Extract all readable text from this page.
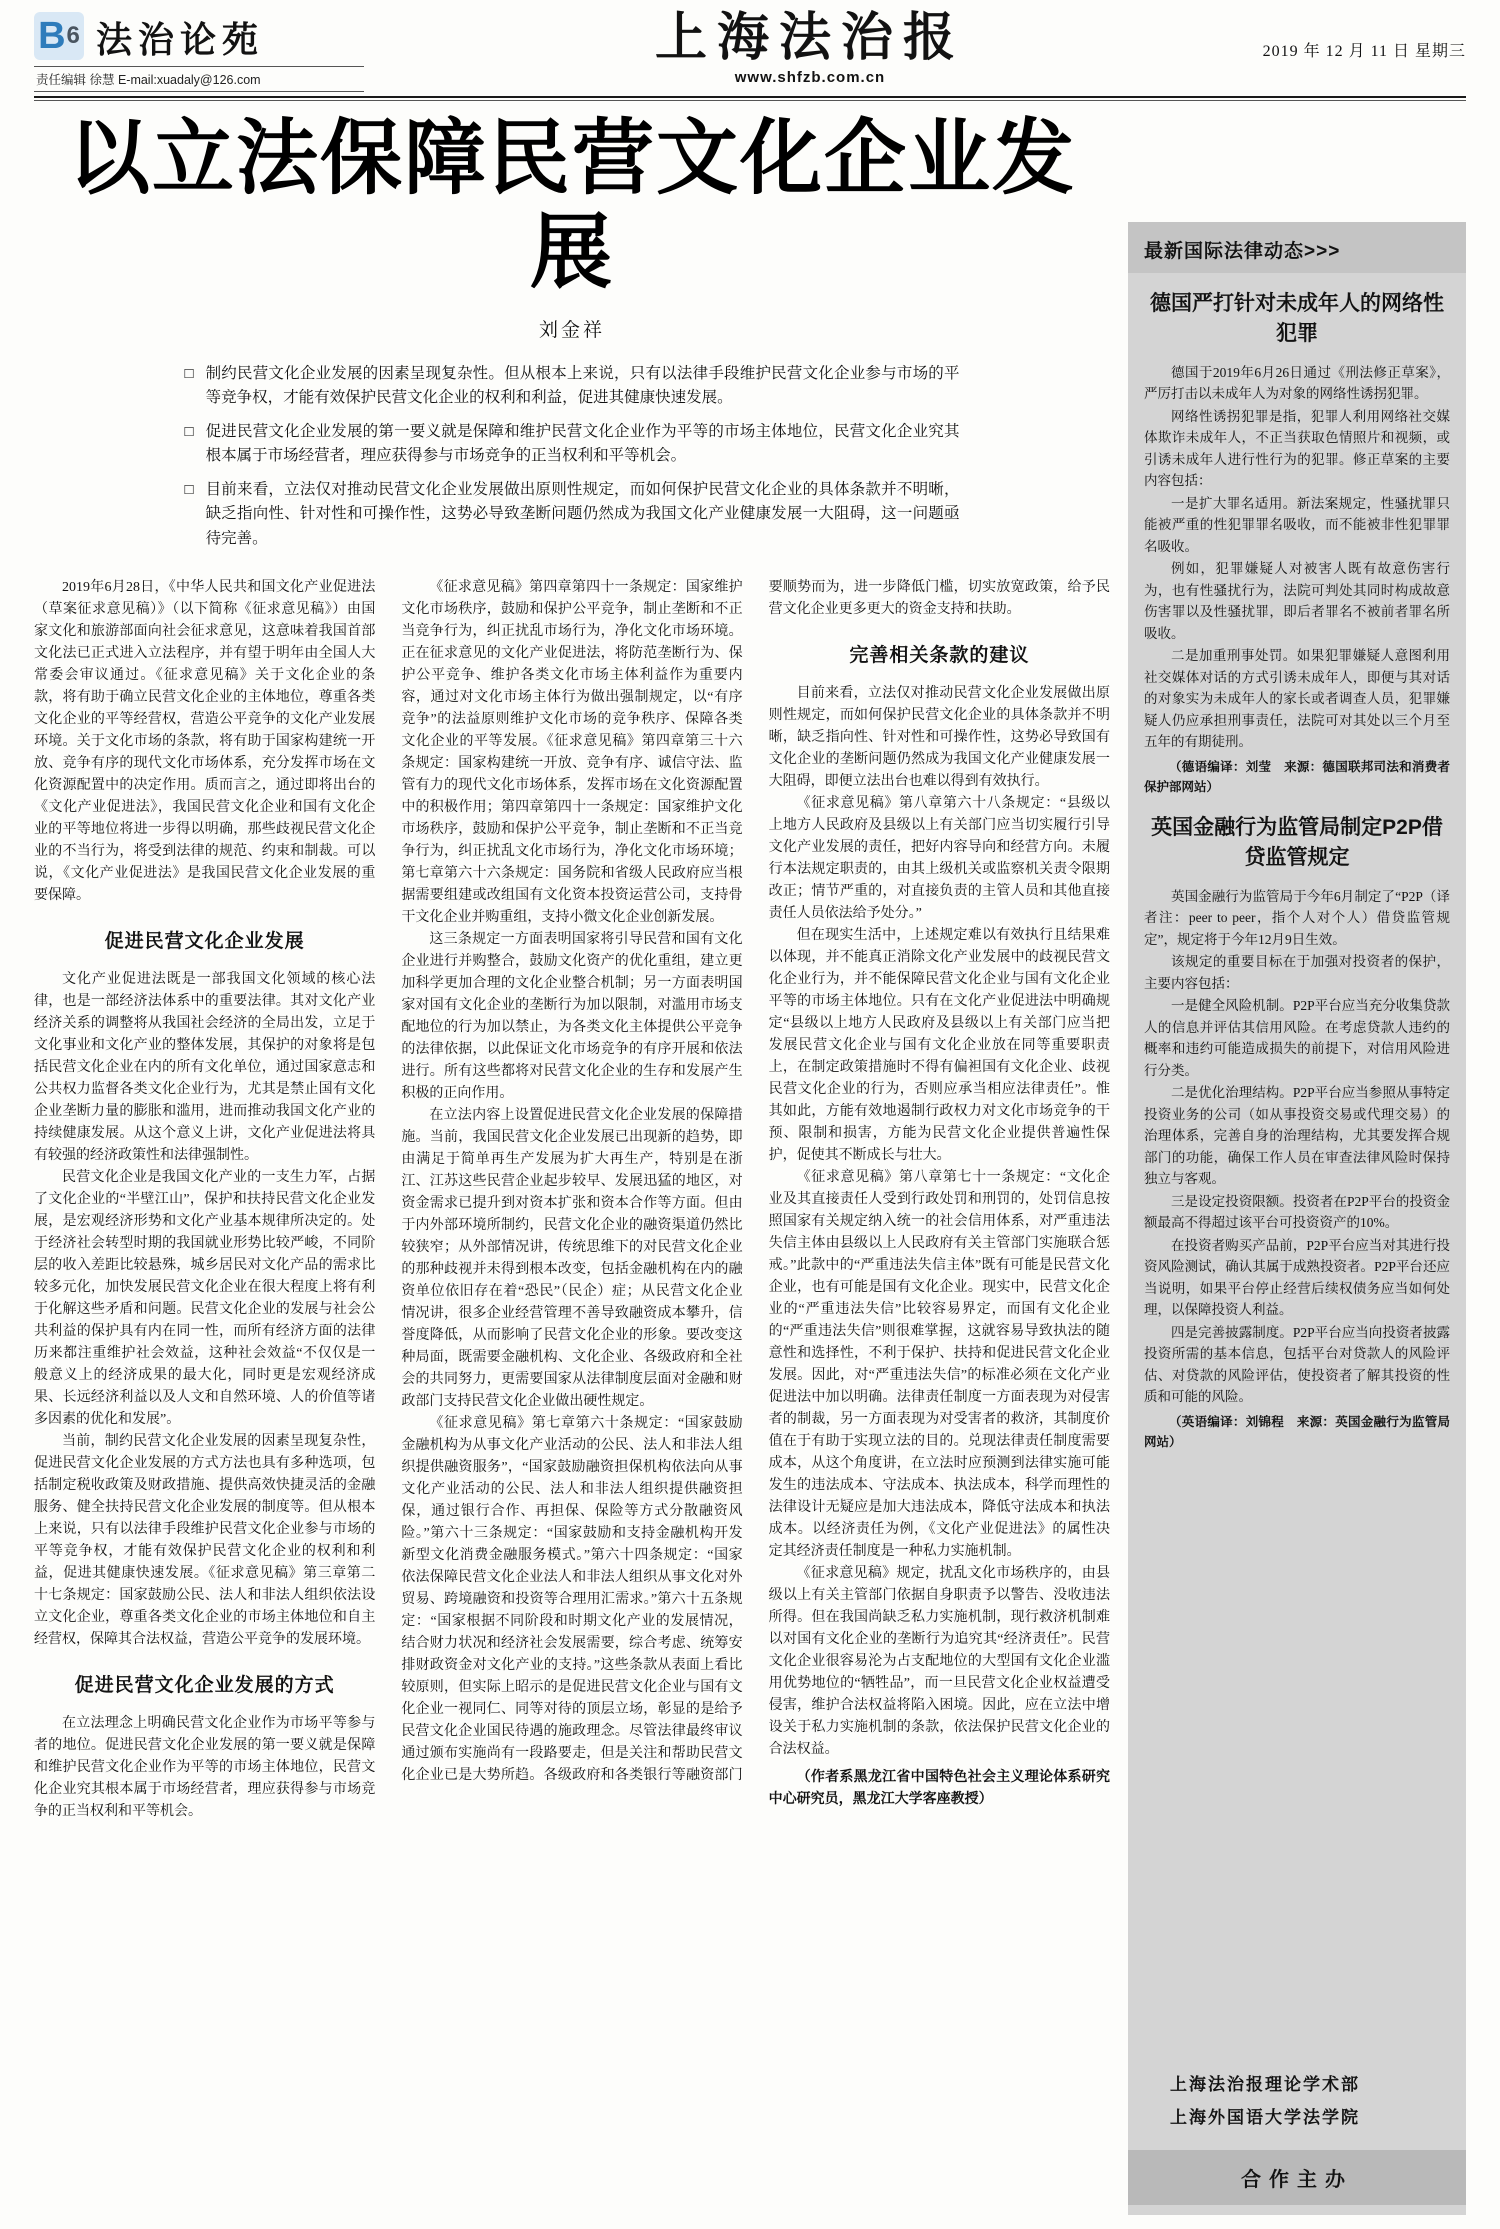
B 6 法治论苑
责任编辑 徐慧 E-mail:xuadaly@126.com
上海法治报
www.shfzb.com.cn
2019 年 12 月 11 日 星期三
以立法保障民营文化企业发展
刘金祥
□ 制约民营文化企业发展的因素呈现复杂性。但从根本上来说，只有以法律手段维护民营文化企业参与市场的平等竞争权，才能有效保护民营文化企业的权利和利益，促进其健康快速发展。
□ 促进民营文化企业发展的第一要义就是保障和维护民营文化企业作为平等的市场主体地位，民营文化企业究其根本属于市场经营者，理应获得参与市场竞争的正当权利和平等机会。
□ 目前来看，立法仅对推动民营文化企业发展做出原则性规定，而如何保护民营文化企业的具体条款并不明晰，缺乏指向性、针对性和可操作性，这势必导致垄断问题仍然成为我国文化产业健康发展一大阻碍，这一问题亟待完善。

2019年6月28日，《中华人民共和国文化产业促进法（草案征求意见稿）》（以下简称《征求意见稿》）由国家文化和旅游部面向社会征求意见，这意味着我国首部文化法已正式进入立法程序，并有望于明年由全国人大常委会审议通过。《征求意见稿》关于文化企业的条款，将有助于确立民营文化企业的主体地位，尊重各类文化企业的平等经营权，营造公平竞争的文化产业发展环境。关于文化市场的条款，将有助于国家构建统一开放、竞争有序的现代文化市场体系，充分发挥市场在文化资源配置中的决定作用。质而言之，通过即将出台的《文化产业促进法》，我国民营文化企业和国有文化企业的平等地位将进一步得以明确，那些歧视民营文化企业的不当行为，将受到法律的规范、约束和制裁。可以说，《文化产业促进法》是我国民营文化企业发展的重要保障。

促进民营文化企业发展

文化产业促进法既是一部我国文化领域的核心法律，也是一部经济法体系中的重要法律。其对文化产业经济关系的调整将从我国社会经济的全局出发，立足于文化事业和文化产业的整体发展，其保护的对象将是包括民营文化企业在内的所有文化单位，通过国家意志和公共权力监督各类文化企业行为，尤其是禁止国有文化企业垄断力量的膨胀和滥用，进而推动我国文化产业的持续健康发展。从这个意义上讲，文化产业促进法将具有较强的经济政策性和法律强制性。

民营文化企业是我国文化产业的一支生力军，占据了文化企业的“半壁江山”，保护和扶持民营文化企业发展，是宏观经济形势和文化产业基本规律所决定的。处于经济社会转型时期的我国就业形势比较严峻，不同阶层的收入差距比较悬殊，城乡居民对文化产品的需求比较多元化，加快发展民营文化企业在很大程度上将有利于化解这些矛盾和问题。民营文化企业的发展与社会公共利益的保护具有内在同一性，而所有经济方面的法律历来都注重维护社会效益，这种社会效益“不仅仅是一般意义上的经济成果的最大化，同时更是宏观经济成果、长远经济利益以及人文和自然环境、人的价值等诸多因素的优化和发展”。

当前，制约民营文化企业发展的因素呈现复杂性，促进民营文化企业发展的方式方法也具有多种选项，包括制定税收政策及财政措施、提供高效快捷灵活的金融服务、健全扶持民营文化企业发展的制度等。但从根本上来说，只有以法律手段维护民营文化企业参与市场的平等竞争权，才能有效保护民营文化企业的权利和利益，促进其健康快速发展。《征求意见稿》第三章第二十七条规定：国家鼓励公民、法人和非法人组织依法设立文化企业，尊重各类文化企业的市场主体地位和自主经营权，保障其合法权益，营造公平竞争的发展环境。

促进民营文化企业发展的方式

在立法理念上明确民营文化企业作为市场平等参与者的地位。促进民营文化企业发展的第一要义就是保障和维护民营文化企业作为平等的市场主体地位，民营文化企业究其根本属于市场经营者，理应获得参与市场竞争的正当权利和平等机会。

《征求意见稿》第四章第四十一条规定：国家维护文化市场秩序，鼓励和保护公平竞争，制止垄断和不正当竞争行为，纠正扰乱市场行为，净化文化市场环境。正在征求意见的文化产业促进法，将防范垄断行为、保护公平竞争、维护各类文化市场主体利益作为重要内容，通过对文化市场主体行为做出强制规定，以“有序竞争”的法益原则维护文化市场的竞争秩序、保障各类文化企业的平等发展。《征求意见稿》第四章第三十六条规定：国家构建统一开放、竞争有序、诚信守法、监管有力的现代文化市场体系，发挥市场在文化资源配置中的积极作用；第四章第四十一条规定：国家维护文化市场秩序，鼓励和保护公平竞争，制止垄断和不正当竞争行为，纠正扰乱文化市场行为，净化文化市场环境；第七章第六十六条规定：国务院和省级人民政府应当根据需要组建或改组国有文化资本投资运营公司，支持骨干文化企业并购重组，支持小微文化企业创新发展。

这三条规定一方面表明国家将引导民营和国有文化企业进行并购整合，鼓励文化资产的优化重组，建立更加科学更加合理的文化企业整合机制；另一方面表明国家对国有文化企业的垄断行为加以限制，对滥用市场支配地位的行为加以禁止，为各类文化主体提供公平竞争的法律依据，以此保证文化市场竞争的有序开展和依法进行。所有这些都将对民营文化企业的生存和发展产生积极的正向作用。

在立法内容上设置促进民营文化企业发展的保障措施。当前，我国民营文化企业发展已出现新的趋势，即由满足于简单再生产发展为扩大再生产，特别是在浙江、江苏这些民营企业起步较早、发展迅猛的地区，对资金需求已提升到对资本扩张和资本合作等方面。但由于内外部环境所制约，民营文化企业的融资渠道仍然比较狭窄；从外部情况讲，传统思维下的对民营文化企业的那种歧视并未得到根本改变，包括金融机构在内的融资单位依旧存在着“恐民”（民企）症；从民营文化企业情况讲，很多企业经营管理不善导致融资成本攀升，信誉度降低，从而影响了民营文化企业的形象。要改变这种局面，既需要金融机构、文化企业、各级政府和全社会的共同努力，更需要国家从法律制度层面对金融和财政部门支持民营文化企业做出硬性规定。

《征求意见稿》第七章第六十条规定：“国家鼓励金融机构为从事文化产业活动的公民、法人和非法人组织提供融资服务”，“国家鼓励融资担保机构依法向从事文化产业活动的公民、法人和非法人组织提供融资担保，通过银行合作、再担保、保险等方式分散融资风险。”第六十三条规定：“国家鼓励和支持金融机构开发新型文化消费金融服务模式。”第六十四条规定：“国家依法保障民营文化企业法人和非法人组织从事文化对外贸易、跨境融资和投资等合理用汇需求。”第六十五条规定：“国家根据不同阶段和时期文化产业的发展情况，结合财力状况和经济社会发展需要，综合考虑、统筹安排财政资金对文化产业的支持。”这些条款从表面上看比较原则，但实际上昭示的是促进民营文化企业与国有文化企业一视同仁、同等对待的顶层立场，彰显的是给予民营文化企业国民待遇的施政理念。尽管法律最终审议通过颁布实施尚有一段路要走，但是关注和帮助民营文化企业已是大势所趋。各级政府和各类银行等融资部门要顺势而为，进一步降低门槛，切实放宽政策，给予民营文化企业更多更大的资金支持和扶助。

完善相关条款的建议

目前来看，立法仅对推动民营文化企业发展做出原则性规定，而如何保护民营文化企业的具体条款并不明晰，缺乏指向性、针对性和可操作性，这势必导致国有文化企业的垄断问题仍然成为我国文化产业健康发展一大阻碍，即便立法出台也难以得到有效执行。

《征求意见稿》第八章第六十八条规定：“县级以上地方人民政府及县级以上有关部门应当切实履行引导文化产业发展的责任，把好内容导向和经营方向。未履行本法规定职责的，由其上级机关或监察机关责令限期改正；情节严重的，对直接负责的主管人员和其他直接责任人员依法给予处分。”

但在现实生活中，上述规定难以有效执行且结果难以体现，并不能真正消除文化产业发展中的歧视民营文化企业行为，并不能保障民营文化企业与国有文化企业平等的市场主体地位。只有在文化产业促进法中明确规定“县级以上地方人民政府及县级以上有关部门应当把发展民营文化企业与国有文化企业放在同等重要职责上，在制定政策措施时不得有偏袒国有文化企业、歧视民营文化企业的行为，否则应承当相应法律责任”。惟其如此，方能有效地遏制行政权力对文化市场竞争的干预、限制和损害，方能为民营文化企业提供普遍性保护，促使其不断成长与壮大。

《征求意见稿》第八章第七十一条规定：“文化企业及其直接责任人受到行政处罚和刑罚的，处罚信息按照国家有关规定纳入统一的社会信用体系，对严重违法失信主体由县级以上人民政府有关主管部门实施联合惩戒。”此款中的“严重违法失信主体”既有可能是民营文化企业，也有可能是国有文化企业。现实中，民营文化企业的“严重违法失信”比较容易界定，而国有文化企业的“严重违法失信”则很难掌握，这就容易导致执法的随意性和选择性，不利于保护、扶持和促进民营文化企业发展。因此，对“严重违法失信”的标准必须在文化产业促进法中加以明确。法律责任制度一方面表现为对侵害者的制裁，另一方面表现为对受害者的救济，其制度价值在于有助于实现立法的目的。兑现法律责任制度需要成本，从这个角度讲，在立法时应预测到法律实施可能发生的违法成本、守法成本、执法成本，科学而理性的法律设计无疑应是加大违法成本，降低守法成本和执法成本。以经济责任为例，《文化产业促进法》的属性决定其经济责任制度是一种私力实施机制。

《征求意见稿》规定，扰乱文化市场秩序的，由县级以上有关主管部门依据自身职责予以警告、没收违法所得。但在我国尚缺乏私力实施机制，现行救济机制难以对国有文化企业的垄断行为追究其“经济责任”。民营文化企业很容易沦为占支配地位的大型国有文化企业滥用优势地位的“牺牲品”，而一旦民营文化企业权益遭受侵害，维护合法权益将陷入困境。因此，应在立法中增设关于私力实施机制的条款，依法保护民营文化企业的合法权益。

（作者系黑龙江省中国特色社会主义理论体系研究中心研究员，黑龙江大学客座教授）

最新国际法律动态>>>
德国严打针对未成年人的网络性犯罪

德国于2019年6月26日通过《刑法修正草案》，严厉打击以未成年人为对象的网络性诱拐犯罪。

网络性诱拐犯罪是指，犯罪人利用网络社交媒体欺诈未成年人，不正当获取色情照片和视频，或引诱未成年人进行性行为的犯罪。修正草案的主要内容包括：

一是扩大罪名适用。新法案规定，性骚扰罪只能被严重的性犯罪罪名吸收，而不能被非性犯罪罪名吸收。

例如，犯罪嫌疑人对被害人既有故意伤害行为，也有性骚扰行为，法院可判处其同时构成故意伤害罪以及性骚扰罪，即后者罪名不被前者罪名所吸收。

二是加重刑事处罚。如果犯罪嫌疑人意图利用社交媒体对话的方式引诱未成年人，即便与其对话的对象实为未成年人的家长或者调查人员，犯罪嫌疑人仍应承担刑事责任，法院可对其处以三个月至五年的有期徒刑。

（德语编译：刘莹　来源：德国联邦司法和消费者保护部网站）

英国金融行为监管局制定P2P借贷监管规定

英国金融行为监管局于今年6月制定了“P2P（译者注：peer to peer，指个人对个人）借贷监管规定”，规定将于今年12月9日生效。

该规定的重要目标在于加强对投资者的保护，主要内容包括：

一是健全风险机制。P2P平台应当充分收集贷款人的信息并评估其信用风险。在考虑贷款人违约的概率和违约可能造成损失的前提下，对信用风险进行分类。

二是优化治理结构。P2P平台应当参照从事特定投资业务的公司（如从事投资交易或代理交易）的治理体系，完善自身的治理结构，尤其要发挥合规部门的功能，确保工作人员在审查法律风险时保持独立与客观。

三是设定投资限额。投资者在P2P平台的投资金额最高不得超过该平台可投资资产的10%。

在投资者购买产品前，P2P平台应当对其进行投资风险测试，确认其属于成熟投资者。P2P平台还应当说明，如果平台停止经营后续权债务应当如何处理，以保障投资人利益。

四是完善披露制度。P2P平台应当向投资者披露投资所需的基本信息，包括平台对贷款人的风险评估、对贷款的风险评估，使投资者了解其投资的性质和可能的风险。

（英语编译：刘锦程　来源：英国金融行为监管局网站）

上海法治报理论学术部
上海外国语大学法学院
合作主办
